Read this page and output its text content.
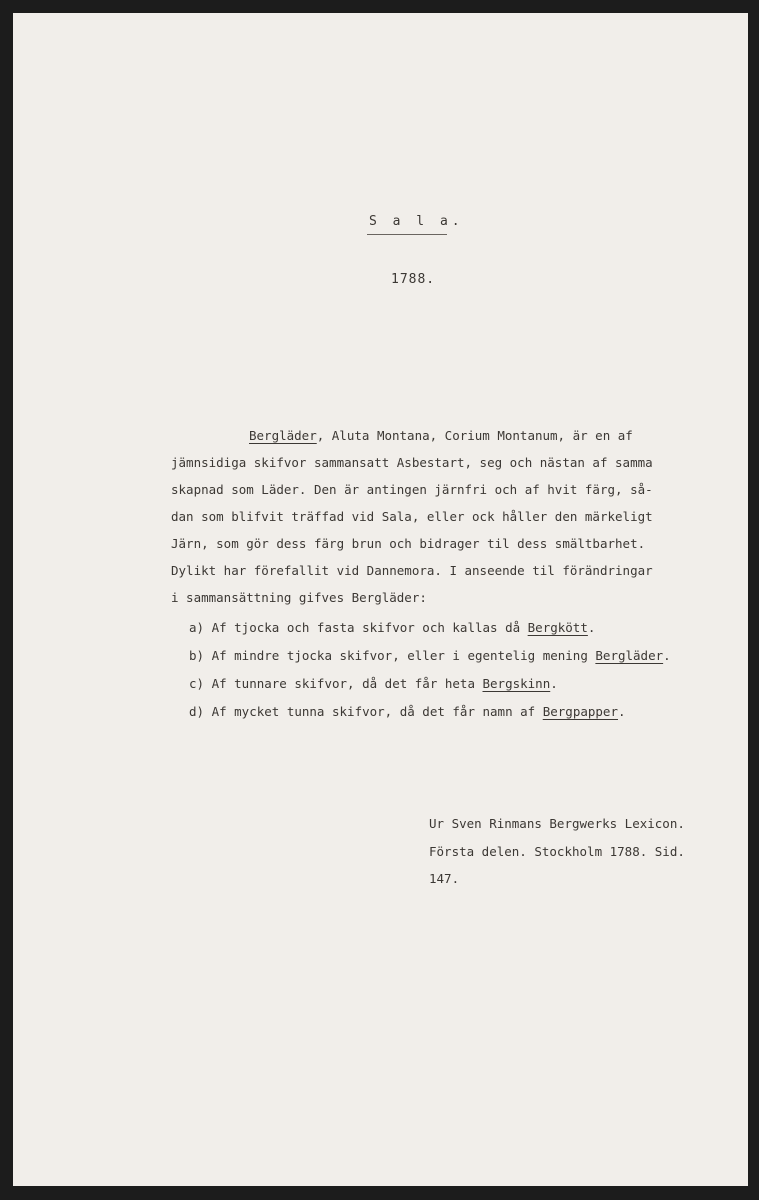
S a l a.
1788.
Bergläder, Aluta Montana, Corium Montanum, är en af
jämnsidiga skifvor sammansatt Asbestart, seg och nästan af samma
skapnad som Läder. Den är antingen järnfri och af hvit färg, så-
dan som blifvit träffad vid Sala, eller ock håller den märkeligt
Järn, som gör dess färg brun och bidrager til dess smältbarhet.
Dylikt har förefallit vid Dannemora. I anseende til förändringar
i sammansättning gifves Bergläder:
a) Af tjocka och fasta skifvor och kallas då Bergkött.
b) Af mindre tjocka skifvor, eller i egentelig mening Bergläder.
c) Af tunnare skifvor, då det får heta Bergskinn.
d) Af mycket tunna skifvor, då det får namn af Bergpapper.
Ur Sven Rinmans Bergwerks Lexicon.
Första delen. Stockholm 1788. Sid.
147.
